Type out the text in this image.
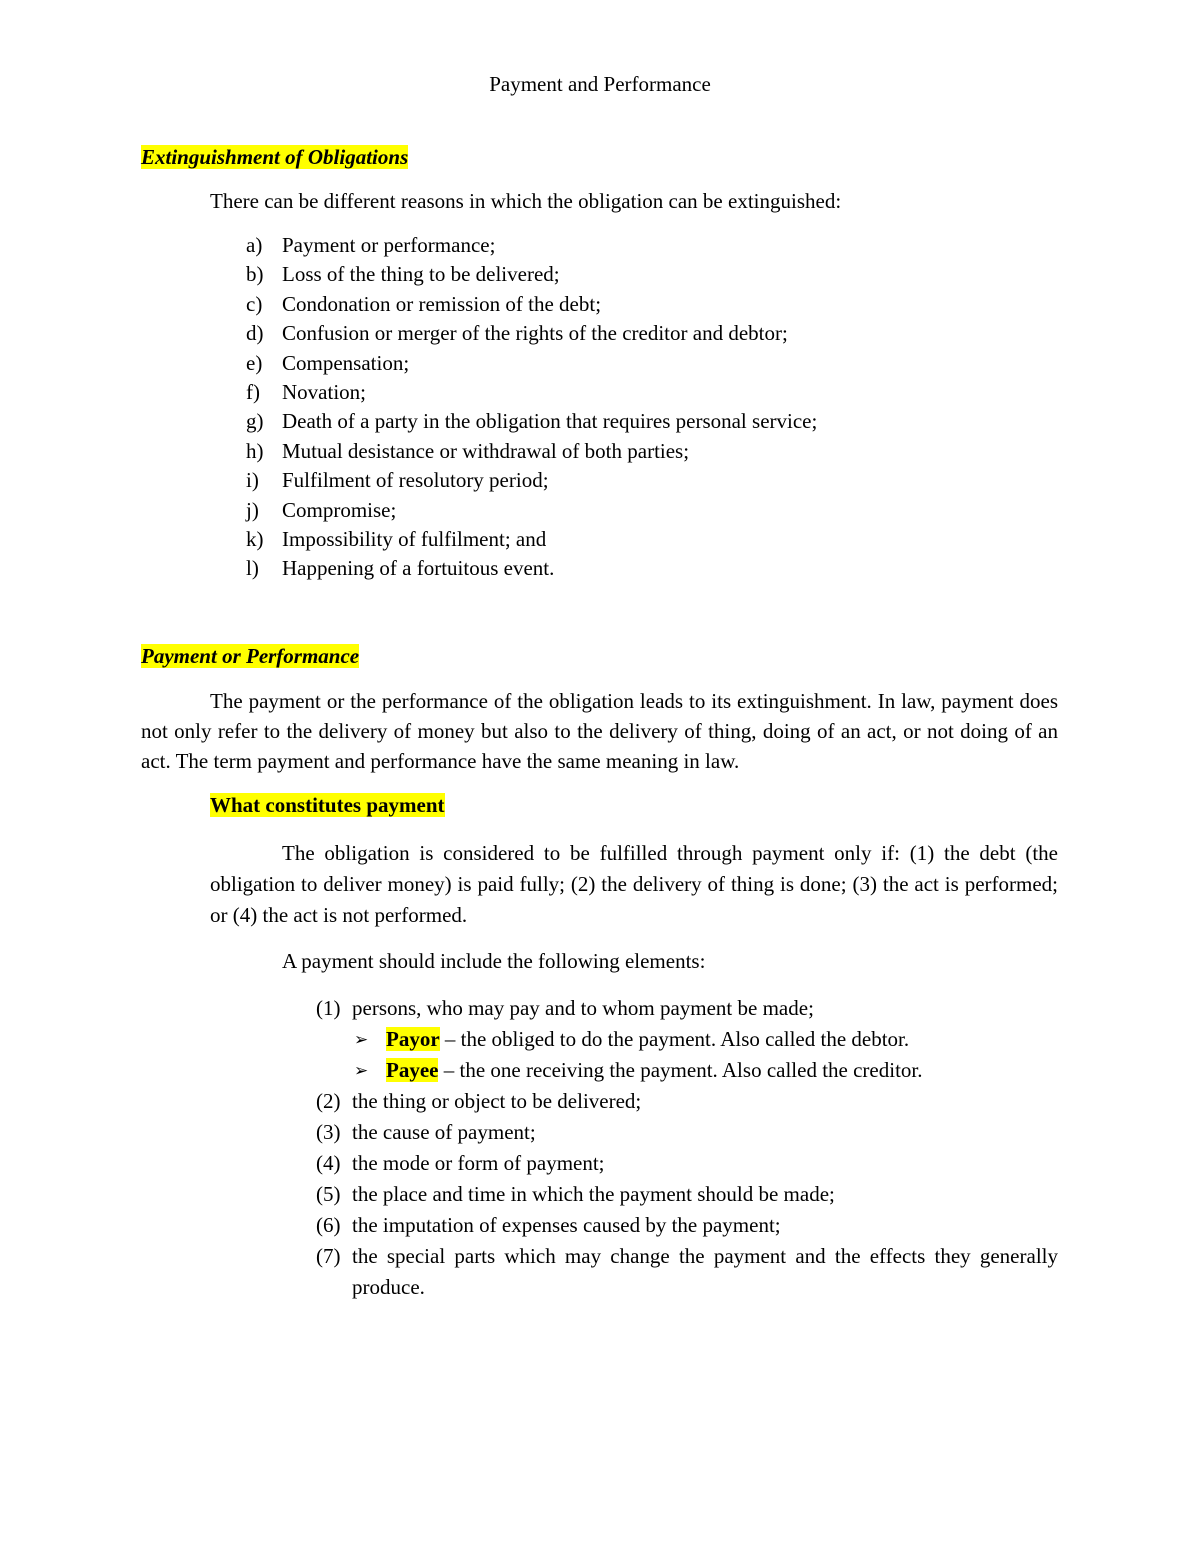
Payment and Performance
Extinguishment of Obligations
There can be different reasons in which the obligation can be extinguished:
a) Payment or performance;
b) Loss of the thing to be delivered;
c) Condonation or remission of the debt;
d) Confusion or merger of the rights of the creditor and debtor;
e) Compensation;
f)	Novation;
g) Death of a party in the obligation that requires personal service;
h) Mutual desistance or withdrawal of both parties;
i)	Fulfilment of resolutory period;
j)	Compromise;
k) Impossibility of fulfilment; and
l)	Happening of a fortuitous event.
Payment or Performance
The payment or the performance of the obligation leads to its extinguishment. In law, payment does not only refer to the delivery of money but also to the delivery of thing, doing of an act, or not doing of an act. The term payment and performance have the same meaning in law.
What constitutes payment
The obligation is considered to be fulfilled through payment only if: (1) the debt (the obligation to deliver money) is paid fully; (2) the delivery of thing is done; (3) the act is performed; or (4) the act is not performed.
A payment should include the following elements:
(1) persons, who may pay and to whom payment be made;
➢ Payor – the obliged to do the payment. Also called the debtor.
➢ Payee – the one receiving the payment. Also called the creditor.
(2) the thing or object to be delivered;
(3) the cause of payment;
(4) the mode or form of payment;
(5) the place and time in which the payment should be made;
(6) the imputation of expenses caused by the payment;
(7) the special parts which may change the payment and the effects they generally produce.
